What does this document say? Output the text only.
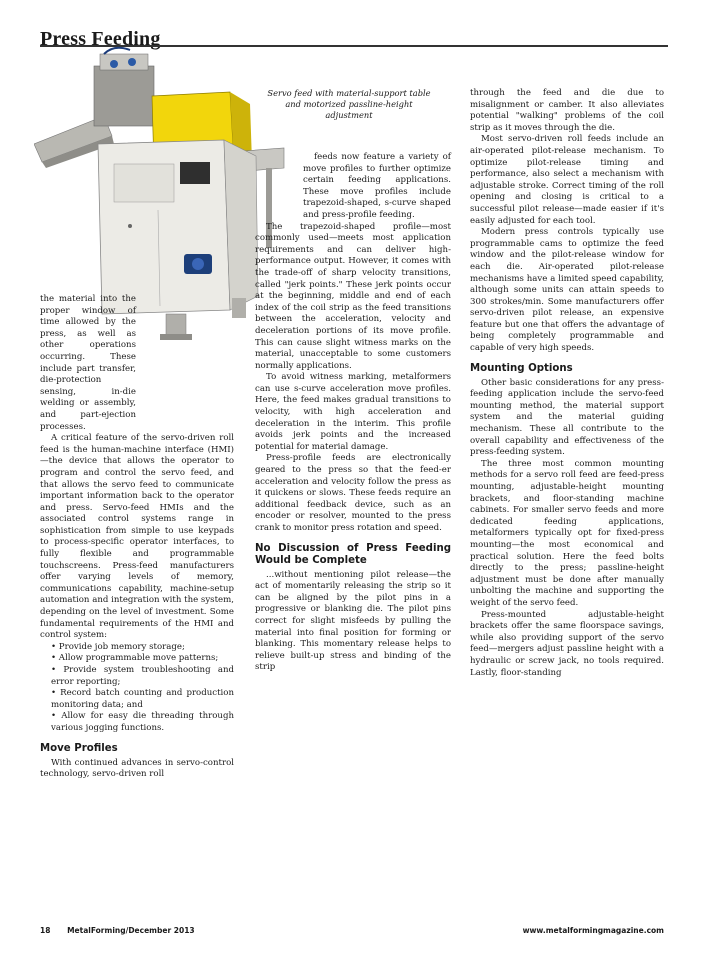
Press Feeding
Servo feed with material-support table and motorized passline-height adjustment

the material into the proper window of time allowed by the press, as well as other operations occurring. These include part transfer, die-protection sensing, in-die welding or assembly, and part-ejection processes.

A critical feature of the servo-driven roll feed is the human-machine interface (HMI)—the device that allows the operator to program and control the servo feed, and that allows the servo feed to communicate important information back to the operator and press. Servo-feed HMIs and the associated control systems range in sophistication from simple to use keypads to process-specific operator interfaces, to fully flexible and programmable touchscreens. Press-feed manufacturers offer varying levels of memory, communications capability, machine-setup automation and integration with the system, depending on the level of investment. Some fundamental requirements of the HMI and control system:

• Provide job memory storage;

• Allow programmable move patterns;

• Provide system troubleshooting and error reporting;

• Record batch counting and production monitoring data; and

• Allow for easy die threading through various jogging functions.

Move Profiles

With continued advances in servo-control technology, servo-driven roll

feeds now feature a variety of move profiles to further optimize certain feeding applications. These move profiles include trapezoid-shaped, s-curve shaped and press-profile feeding.

The trapezoid-shaped profile—most commonly used—meets most application requirements and can deliver high-performance output. However, it comes with the trade-off of sharp velocity transitions, called "jerk points." These jerk points occur at the beginning, middle and end of each index of the coil strip as the feed transitions between the acceleration, velocity and deceleration portions of its move profile. This can cause slight witness marks on the material, unacceptable to some customers normally applications.

To avoid witness marking, metalformers can use s-curve acceleration move profiles. Here, the feed makes gradual transitions to velocity, with high acceleration and deceleration in the interim. This profile avoids jerk points and the increased potential for material damage.

Press-profile feeds are electronically geared to the press so that the feed-er acceleration and velocity follow the press as it quickens or slows. These feeds require an additional feedback device, such as an encoder or resolver, mounted to the press crank to monitor press rotation and speed.

No Discussion of Press Feeding Would be Complete

...without mentioning pilot release—the act of momentarily releasing the strip so it can be aligned by the pilot pins in a progressive or blanking die. The pilot pins correct for slight misfeeds by pulling the material into final position for forming or blanking. This momentary release helps to relieve built-up stress and binding of the strip

through the feed and die due to misalignment or camber. It also alleviates potential "walking" problems of the coil strip as it moves through the die.

Most servo-driven roll feeds include an air-operated pilot-release mechanism. To optimize pilot-release timing and performance, also select a mechanism with adjustable stroke. Correct timing of the roll opening and closing is critical to a successful pilot release—made easier if it's easily adjusted for each tool.

Modern press controls typically use programmable cams to optimize the feed window and the pilot-release window for each die. Air-operated pilot-release mechanisms have a limited speed capability, although some units can attain speeds to 300 strokes/min. Some manufacturers offer servo-driven pilot release, an expensive feature but one that offers the advantage of being completely programmable and capable of very high speeds.

Mounting Options

Other basic considerations for any press-feeding application include the servo-feed mounting method, the material support system and the material guiding mechanism. These all contribute to the overall capability and effectiveness of the press-feeding system.

The three most common mounting methods for a servo roll feed are feed-press mounting, adjustable-height mounting brackets, and floor-standing machine cabinets. For smaller servo feeds and more dedicated feeding applications, metalformers typically opt for fixed-press mounting—the most economical and practical solution. Here the feed bolts directly to the press; passline-height adjustment must be done after manually unbolting the machine and supporting the weight of the servo feed.

Press-mounted adjustable-height brackets offer the same floorspace savings, while also providing support of the servo feed—mergers adjust passline height with a hydraulic or screw jack, no tools required. Lastly, floor-standing

18 MetalForming/December 2013	www.metalformingmagazine.com
